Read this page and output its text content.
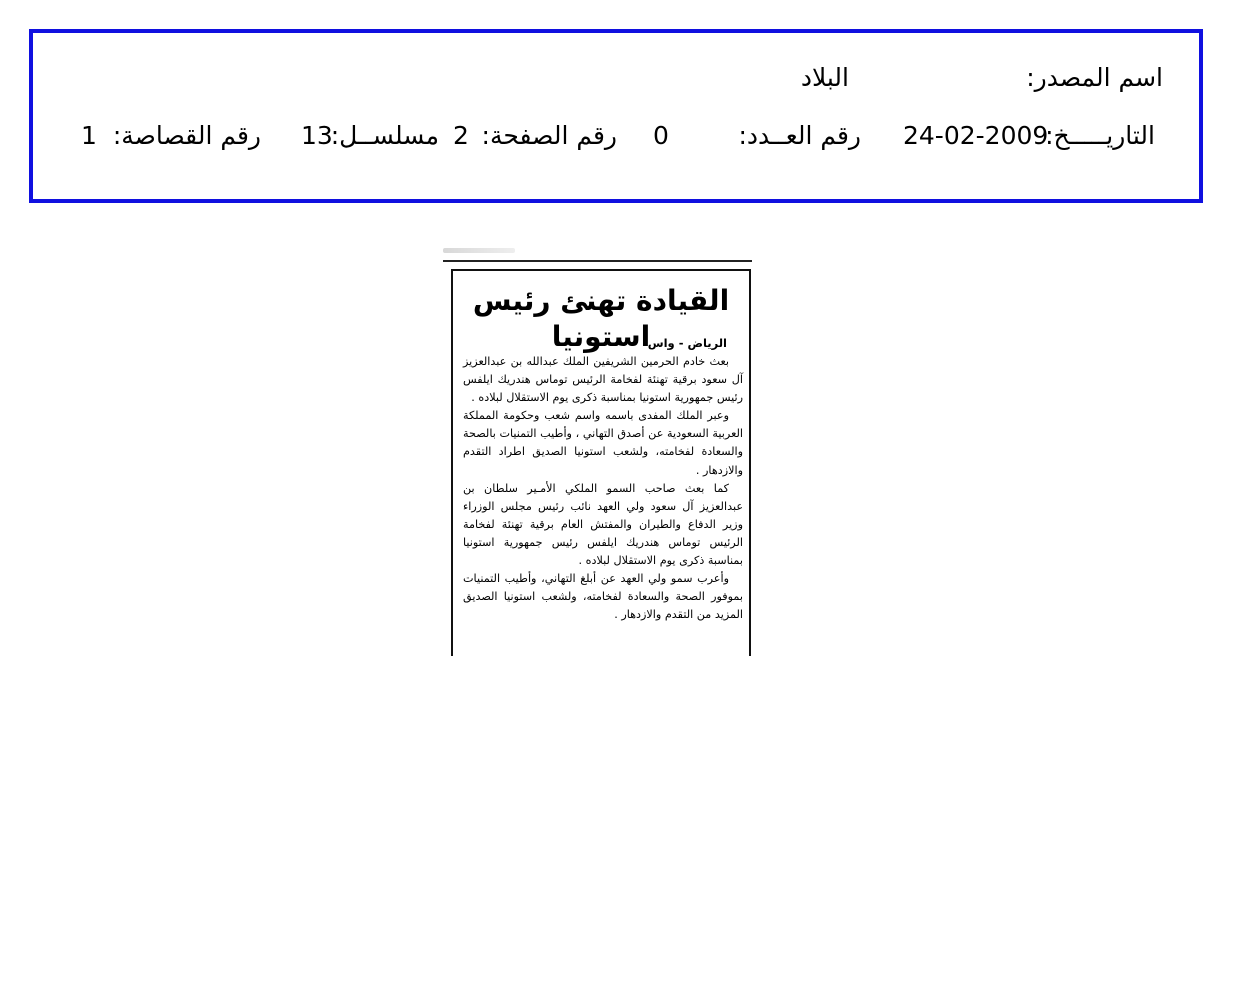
اسم المصدر:
البلاد
التاريـــــخ:
24-02-2009
رقم العــدد:
0
رقم الصفحة:
2
مسلســل:
13
رقم القصاصة:
1
القيادة تهنئ رئيس استونيا
الرياض - واس

بعث خادم الحرمين الشريفين الملك عبدالله بن عبدالعزيز آل سعود برقية تهنئة لفخامة الرئيس توماس هندريك ايلفس رئيس جمهورية استونيا بمناسبة ذكرى يوم الاستقلال لبلاده .

وعبر الملك المفدى باسمه واسم شعب وحكومة المملكة العربية السعودية عن أصدق التهاني ، وأطيب التمنيات بالصحة والسعادة لفخامته، ولشعب استونيا الصديق اطراد التقدم والازدهار .

كما بعث صاحب السمو الملكي الأمـير سلطان بن عبدالعزيز آل سعود ولي العهد نائب رئيس مجلس الوزراء وزير الدفاع والطيران والمفتش العام برقية تهنئة لفخامة الرئيس توماس هندريك ايلفس رئيس جمهورية استونيا بمناسبة ذكرى يوم الاستقلال لبلاده .

وأعرب سمو ولي العهد عن أبلغ التهاني، وأطيب التمنيات بموفور الصحة والسعادة لفخامته، ولشعب استونيا الصديق المزيد من التقدم والازدهار .
